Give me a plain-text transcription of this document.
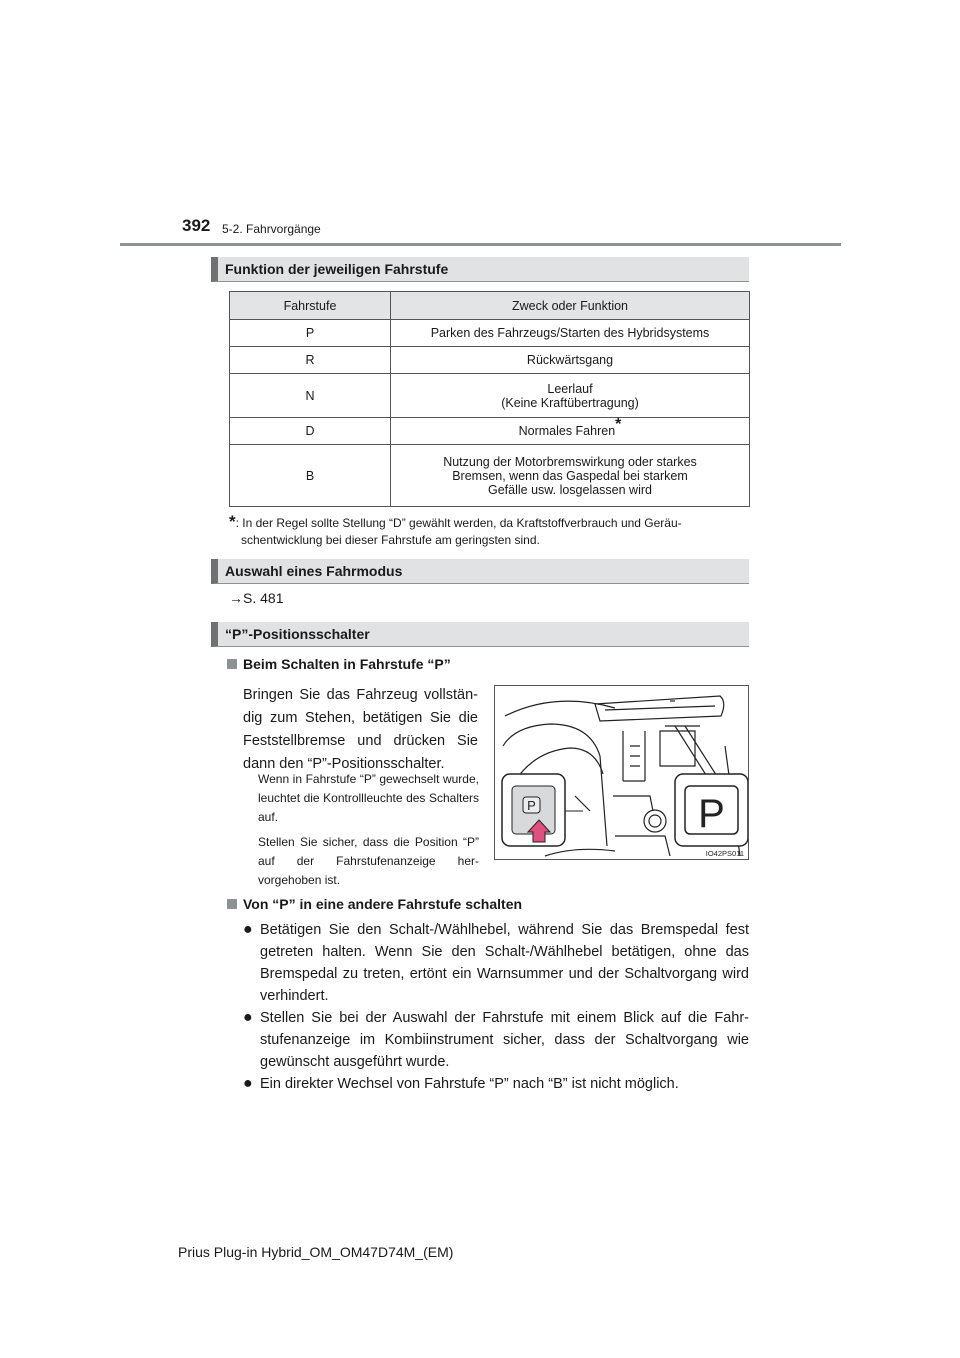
392 5-2. Fahrvorgänge
Funktion der jeweiligen Fahrstufe
Fahrstufe	Zweck oder Funktion
P	Parken des Fahrzeugs/Starten des Hybridsystems
R	Rückwärtsgang
N	Leerlauf
(Keine Kraftübertragung)

D	Normales Fahren*
B	Nutzung der Motorbremswirkung oder starkes
Bremsen, wenn das Gaspedal bei starkem
Gefälle usw. losgelassen wird
*: In der Regel sollte Stellung “D” gewählt werden, da Kraftstoffverbrauch und Geräu-
schentwicklung bei dieser Fahrstufe am geringsten sind.
Auswahl eines Fahrmodus
→S. 481
“P”-Positionsschalter
Beim Schalten in Fahrstufe “P”
Bringen Sie das Fahrzeug vollstän-dig zum Stehen, betätigen Sie die Feststellbremse und drücken Sie dann den “P”-Positionsschalter.
Wenn in Fahrstufe “P” gewechselt wurde, leuchtet die Kontrollleuchte des Schalters auf.
Stellen Sie sicher, dass die Position “P” auf der Fahrstufenanzeige her-vorgehoben ist.
P	P
IO42PS011
Von “P” in eine andere Fahrstufe schalten
● Betätigen Sie den Schalt-/Wählhebel, während Sie das Bremspedal fest getreten halten. Wenn Sie den Schalt-/Wählhebel betätigen, ohne das Bremspedal zu treten, ertönt ein Warnsummer und der Schaltvorgang wird verhindert.
● Stellen Sie bei der Auswahl der Fahrstufe mit einem Blick auf die Fahr-stufenanzeige im Kombiinstrument sicher, dass der Schaltvorgang wie gewünscht ausgeführt wurde.
● Ein direkter Wechsel von Fahrstufe “P” nach “B” ist nicht möglich.
Prius Plug-in Hybrid_OM_OM47D74M_(EM)
